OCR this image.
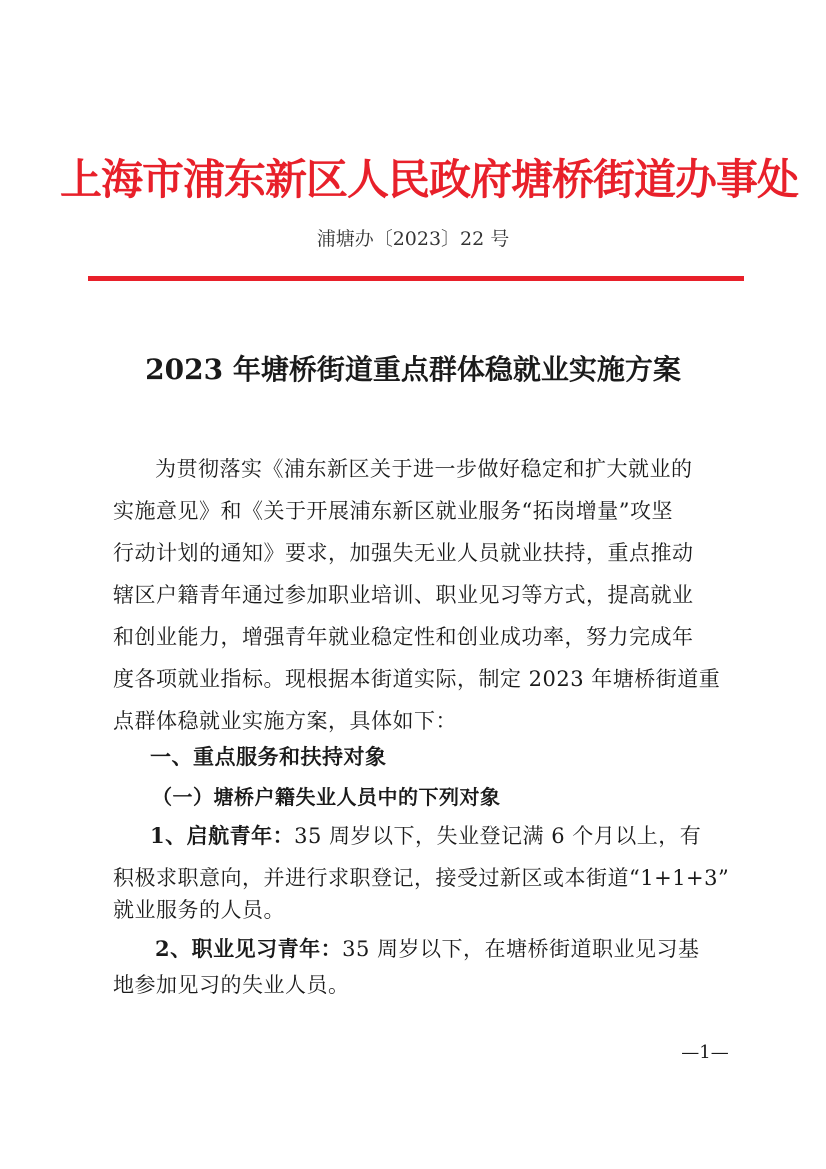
上海市浦东新区人民政府塘桥街道办事处
浦塘办〔2023〕22 号
2023 年塘桥街道重点群体稳就业实施方案
为贯彻落实《浦东新区关于进一步做好稳定和扩大就业的
实施意见》和《关于开展浦东新区就业服务“拓岗增量”攻坚
行动计划的通知》要求，加强失无业人员就业扶持，重点推动
辖区户籍青年通过参加职业培训、职业见习等方式，提高就业
和创业能力，增强青年就业稳定性和创业成功率，努力完成年
度各项就业指标。现根据本街道实际，制定 2023 年塘桥街道重
点群体稳就业实施方案，具体如下：
一、重点服务和扶持对象
（一）塘桥户籍失业人员中的下列对象
1、启航青年：35 周岁以下，失业登记满 6 个月以上，有
积极求职意向，并进行求职登记，接受过新区或本街道“1+1+3”
就业服务的人员。
2、职业见习青年：35 周岁以下，在塘桥街道职业见习基
地参加见习的失业人员。
—1—
